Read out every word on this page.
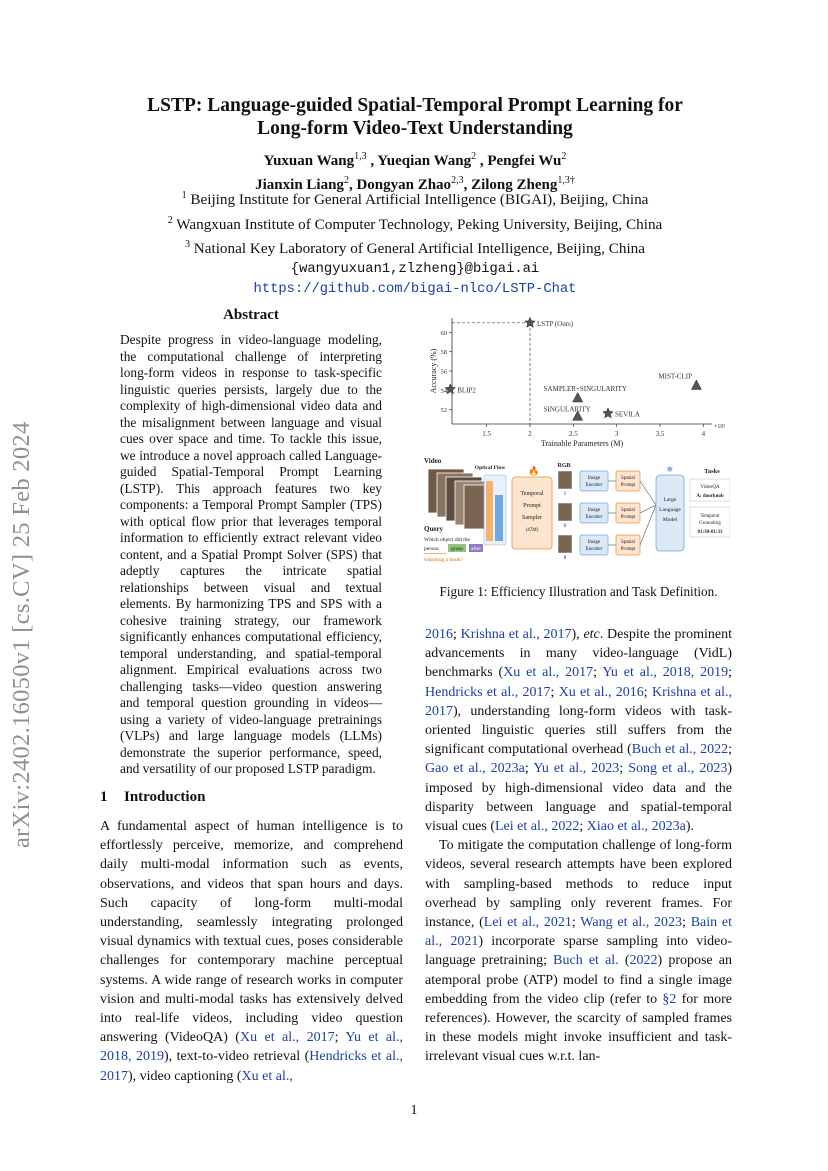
arXiv:2402.16050v1 [cs.CV] 25 Feb 2024
LSTP: Language-guided Spatial-Temporal Prompt Learning for
Long-form Video-Text Understanding
Yuxuan Wang$^{1,3}$ , Yueqian Wang$^2$ , Pengfei Wu$^2$
Jianxin Liang$^2$, Dongyan Zhao$^{2,3}$, Zilong Zheng$^{1,3\dagger}$
$^1$ Beijing Institute for General Artificial Intelligence (BIGAI), Beijing, China
$^2$ Wangxuan Institute of Computer Technology, Peking University, Beijing, China
$^3$ National Key Laboratory of General Artificial Intelligence, Beijing, China
{wangyuxuan1,zlzheng}@bigai.ai
https://github.com/bigai-nlco/LSTP-Chat
Abstract
Despite progress in video-language modeling, the computational challenge of interpreting long-form videos in response to task-specific linguistic queries persists, largely due to the complexity of high-dimensional video data and the misalignment between language and visual cues over space and time. To tackle this issue, we introduce a novel approach called Language-guided Spatial-Temporal Prompt Learning (LSTP). This approach features two key components: a Temporal Prompt Sampler (TPS) with optical flow prior that leverages temporal information to efficiently extract relevant video content, and a Spatial Prompt Solver (SPS) that adeptly captures the intricate spatial relationships between visual and textual elements. By harmonizing TPS and SPS with a cohesive training strategy, our framework significantly enhances computational efficiency, temporal understanding, and spatial-temporal alignment. Empirical evaluations across two challenging tasks—video question answering and temporal question grounding in videos—using a variety of video-language pretrainings (VLPs) and large language models (LLMs) demonstrate the superior performance, speed, and versatility of our proposed LSTP paradigm.
1 Introduction
A fundamental aspect of human intelligence is to effortlessly perceive, memorize, and comprehend daily multi-modal information such as events, observations, and videos that span hours and days. Such capacity of long-form multi-modal understanding, seamlessly integrating prolonged visual dynamics with textual cues, poses considerable challenges for contemporary machine perceptual systems. A wide range of research works in computer vision and multi-modal tasks has extensively delved into real-life videos, including video question answering (VideoQA) (Xu et al., 2017; Yu et al., 2018, 2019), text-to-video retrieval (Hendricks et al., 2017), video captioning (Xu et al.,
2016; Krishna et al., 2017), etc. Despite the prominent advancements in many video-language (VidL) benchmarks (Xu et al., 2017; Yu et al., 2018, 2019; Hendricks et al., 2017; Xu et al., 2016; Krishna et al., 2017), understanding long-form videos with task-oriented linguistic queries still suffers from the significant computational overhead (Buch et al., 2022; Gao et al., 2023a; Yu et al., 2023; Song et al., 2023) imposed by high-dimensional video data and the disparity between language and spatial-temporal visual cues (Lei et al., 2022; Xiao et al., 2023a).
To mitigate the computation challenge of long-form videos, several research attempts have been explored with sampling-based methods to reduce input overhead by sampling only reverent frames. For instance, (Lei et al., 2021; Wang et al., 2023; Bain et al., 2021) incorporate sparse sampling into video-language pretraining; Buch et al. (2022) propose an atemporal probe (ATP) model to find a single image embedding from the video clip (refer to §2 for more references). However, the scarcity of sampled frames in these models might invoke insufficient and task-irrelevant visual cues w.r.t. lan-
1.5	2	2.5	3	3.5	4
52
54
56
58
60
Trainable Parameters (M)
×10²
Accuracy (%)
LSTP (Ours)
BLIP2	SAMPLER+SINGULARITY
SINGULARITY
SEVILA
MIST-CLIP
Video
Optical Flow
Temporal
Prompt
Sampler
(47M)
🔥
RGB
1
6
8
Image
Encoder
Spatial
Prompt
Image
Encoder
Spatial
Prompt
Image
Encoder
Spatial
Prompt
Large
Language
Model
❄	Tasks
VideoQA
A: doorknob
Temporal
Grounding
01:30-01:33
Query
Which object did the
person grasp after
watching a book?
Figure 1: Efficiency Illustration and Task Definition.
1
